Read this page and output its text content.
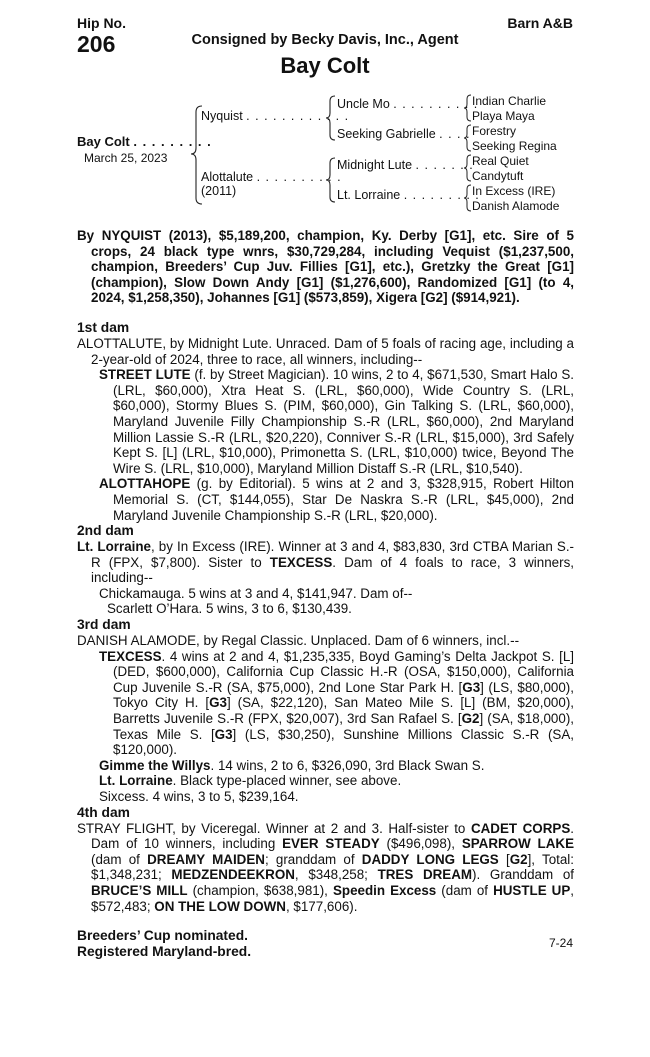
Hip No.
206
Barn A&B
Consigned by Becky Davis, Inc., Agent
Bay Colt
Bay Colt . . . . . . . . .
March 25, 2023
Nyquist . . . . . . . . . . . .
Alottalute . . . . . . . . . .
(2011)
Uncle Mo . . . . . . . . . .
Seeking Gabrielle . . . .
Midnight Lute . . . . . . .
Lt. Lorraine . . . . . . . . .
Indian Charlie
Playa Maya
Forestry
Seeking Regina
Real Quiet
Candytuft
In Excess (IRE)
Danish Alamode

By NYQUIST (2013), $5,189,200, champion, Ky. Derby [G1], etc. Sire of 5 crops, 24 black type wnrs, $30,729,284, including Vequist ($1,237,500, champion, Breeders’ Cup Juv. Fillies [G1], etc.), Gretzky the Great [G1] (champion), Slow Down Andy [G1] ($1,276,600), Randomized [G1] (to 4, 2024, $1,258,350), Johannes [G1] ($573,859), Xigera [G2] ($914,921).

1st dam

ALOTTALUTE, by Midnight Lute. Unraced. Dam of 5 foals of racing age, including a 2-year-old of 2024, three to race, all winners, including--

STREET LUTE (f. by Street Magician). 10 wins, 2 to 4, $671,530, Smart Halo S. (LRL, $60,000), Xtra Heat S. (LRL, $60,000), Wide Country S. (LRL, $60,000), Stormy Blues S. (PIM, $60,000), Gin Talking S. (LRL, $60,000), Maryland Juvenile Filly Championship S.-R (LRL, $60,000), 2nd Maryland Million Lassie S.-R (LRL, $20,220), Conniver S.-R (LRL, $15,000), 3rd Safely Kept S. [L] (LRL, $10,000), Primonetta S. (LRL, $10,000) twice, Beyond The Wire S. (LRL, $10,000), Maryland Million Distaff S.-R (LRL, $10,540).

ALOTTAHOPE (g. by Editorial). 5 wins at 2 and 3, $328,915, Robert Hilton Memorial S. (CT, $144,055), Star De Naskra S.-R (LRL, $45,000), 2nd Maryland Juvenile Championship S.-R (LRL, $20,000).

2nd dam

Lt. Lorraine, by In Excess (IRE). Winner at 3 and 4, $83,830, 3rd CTBA Marian S.-R (FPX, $7,800). Sister to TEXCESS. Dam of 4 foals to race, 3 winners, including--

Chickamauga. 5 wins at 3 and 4, $141,947. Dam of--

Scarlett O’Hara. 5 wins, 3 to 6, $130,439.

3rd dam

DANISH ALAMODE, by Regal Classic. Unplaced. Dam of 6 winners, incl.--

TEXCESS. 4 wins at 2 and 4, $1,235,335, Boyd Gaming’s Delta Jackpot S. [L] (DED, $600,000), California Cup Classic H.-R (OSA, $150,000), California Cup Juvenile S.-R (SA, $75,000), 2nd Lone Star Park H. [G3] (LS, $80,000), Tokyo City H. [G3] (SA, $22,120), San Mateo Mile S. [L] (BM, $20,000), Barretts Juvenile S.-R (FPX, $20,007), 3rd San Rafael S. [G2] (SA, $18,000), Texas Mile S. [G3] (LS, $30,250), Sunshine Millions Classic S.-R (SA, $120,000).

Gimme the Willys. 14 wins, 2 to 6, $326,090, 3rd Black Swan S.

Lt. Lorraine. Black type-placed winner, see above.

Sixcess. 4 wins, 3 to 5, $239,164.

4th dam

STRAY FLIGHT, by Viceregal. Winner at 2 and 3. Half-sister to CADET CORPS. Dam of 10 winners, including EVER STEADY ($496,098), SPARROW LAKE (dam of DREAMY MAIDEN; granddam of DADDY LONG LEGS [G2], Total: $1,348,231; MEDZENDEEKRON, $348,258; TRES DREAM). Granddam of BRUCE’S MILL (champion, $638,981), Speedin Excess (dam of HUSTLE UP, $572,483; ON THE LOW DOWN, $177,606).

Breeders’ Cup nominated.

Registered Maryland-bred.

7-24
